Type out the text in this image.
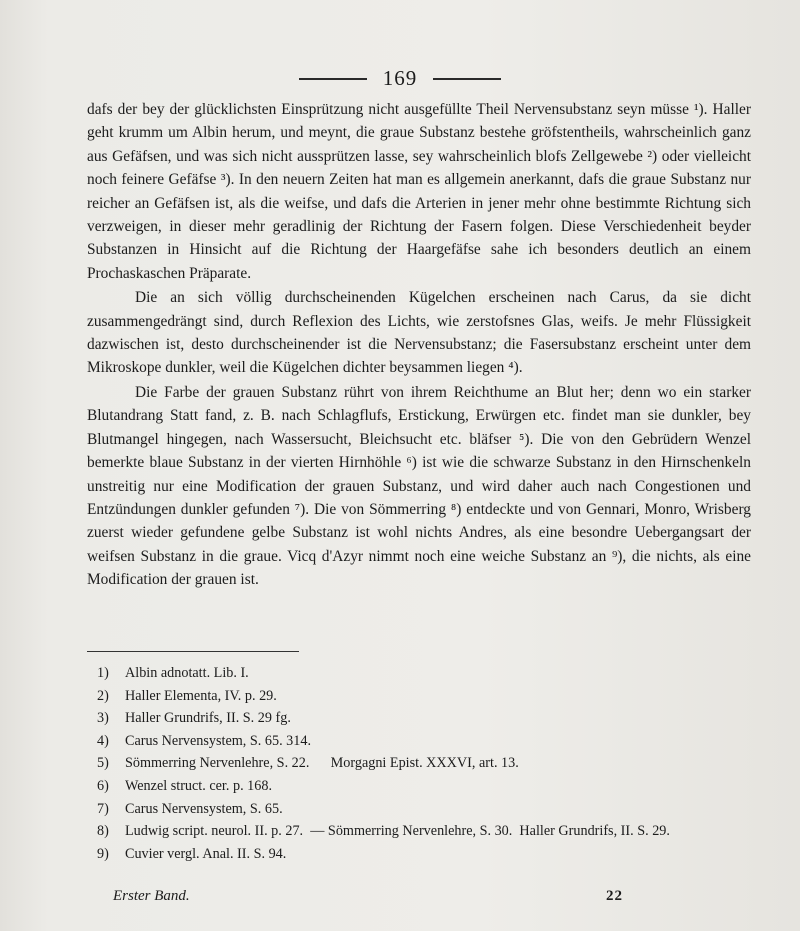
169

dafs der bey der glücklichsten Einsprützung nicht ausgefüllte Theil Nervensubstanz seyn müsse ¹). Haller geht krumm um Albin herum, und meynt, die graue Substanz bestehe gröfstentheils, wahrscheinlich ganz aus Gefäfsen, und was sich nicht aussprützen lasse, sey wahrscheinlich blofs Zellgewebe ²) oder vielleicht noch feinere Gefäfse ³). In den neuern Zeiten hat man es allgemein anerkannt, dafs die graue Substanz nur reicher an Gefäfsen ist, als die weifse, und dafs die Arterien in jener mehr ohne bestimmte Richtung sich verzweigen, in dieser mehr geradlinig der Richtung der Fasern folgen. Diese Verschiedenheit beyder Substanzen in Hinsicht auf die Richtung der Haargefäfse sahe ich besonders deutlich an einem Prochaskaschen Präparate.

Die an sich völlig durchscheinenden Kügelchen erscheinen nach Carus, da sie dicht zusammengedrängt sind, durch Reflexion des Lichts, wie zerstofsnes Glas, weifs. Je mehr Flüssigkeit dazwischen ist, desto durchscheinender ist die Nervensubstanz; die Fasersubstanz erscheint unter dem Mikroskope dunkler, weil die Kügelchen dichter beysammen liegen ⁴).

Die Farbe der grauen Substanz rührt von ihrem Reichthume an Blut her; denn wo ein starker Blutandrang Statt fand, z. B. nach Schlagflufs, Erstickung, Erwürgen etc. findet man sie dunkler, bey Blutmangel hingegen, nach Wassersucht, Bleichsucht etc. bläfser ⁵). Die von den Gebrüdern Wenzel bemerkte blaue Substanz in der vierten Hirnhöhle ⁶) ist wie die schwarze Substanz in den Hirnschenkeln unstreitig nur eine Modification der grauen Substanz, und wird daher auch nach Congestionen und Entzündungen dunkler gefunden ⁷). Die von Sömmerring ⁸) entdeckte und von Gennari, Monro, Wrisberg zuerst wieder gefundene gelbe Substanz ist wohl nichts Andres, als eine besondre Uebergangsart der weifsen Substanz in die graue. Vicq d'Azyr nimmt noch eine weiche Substanz an ⁹), die nichts, als eine Modification der grauen ist.

1)	Albin adnotatt. Lib. I.
2)	Haller Elementa, IV. p. 29.
3)	Haller Grundrifs, II. S. 29 fg.
4)	Carus Nervensystem, S. 65. 314.
5)	Sömmerring Nervenlehre, S. 22.      Morgagni Epist. XXXVI, art. 13.
6)	Wenzel struct. cer. p. 168.
7)	Carus Nervensystem, S. 65.
8)	Ludwig script. neurol. II. p. 27.  — Sömmerring Nervenlehre, S. 30.  Haller Grundrifs, II. S. 29.
9)	Cuvier vergl. Anal. II. S. 94.
Erster Band.	22
